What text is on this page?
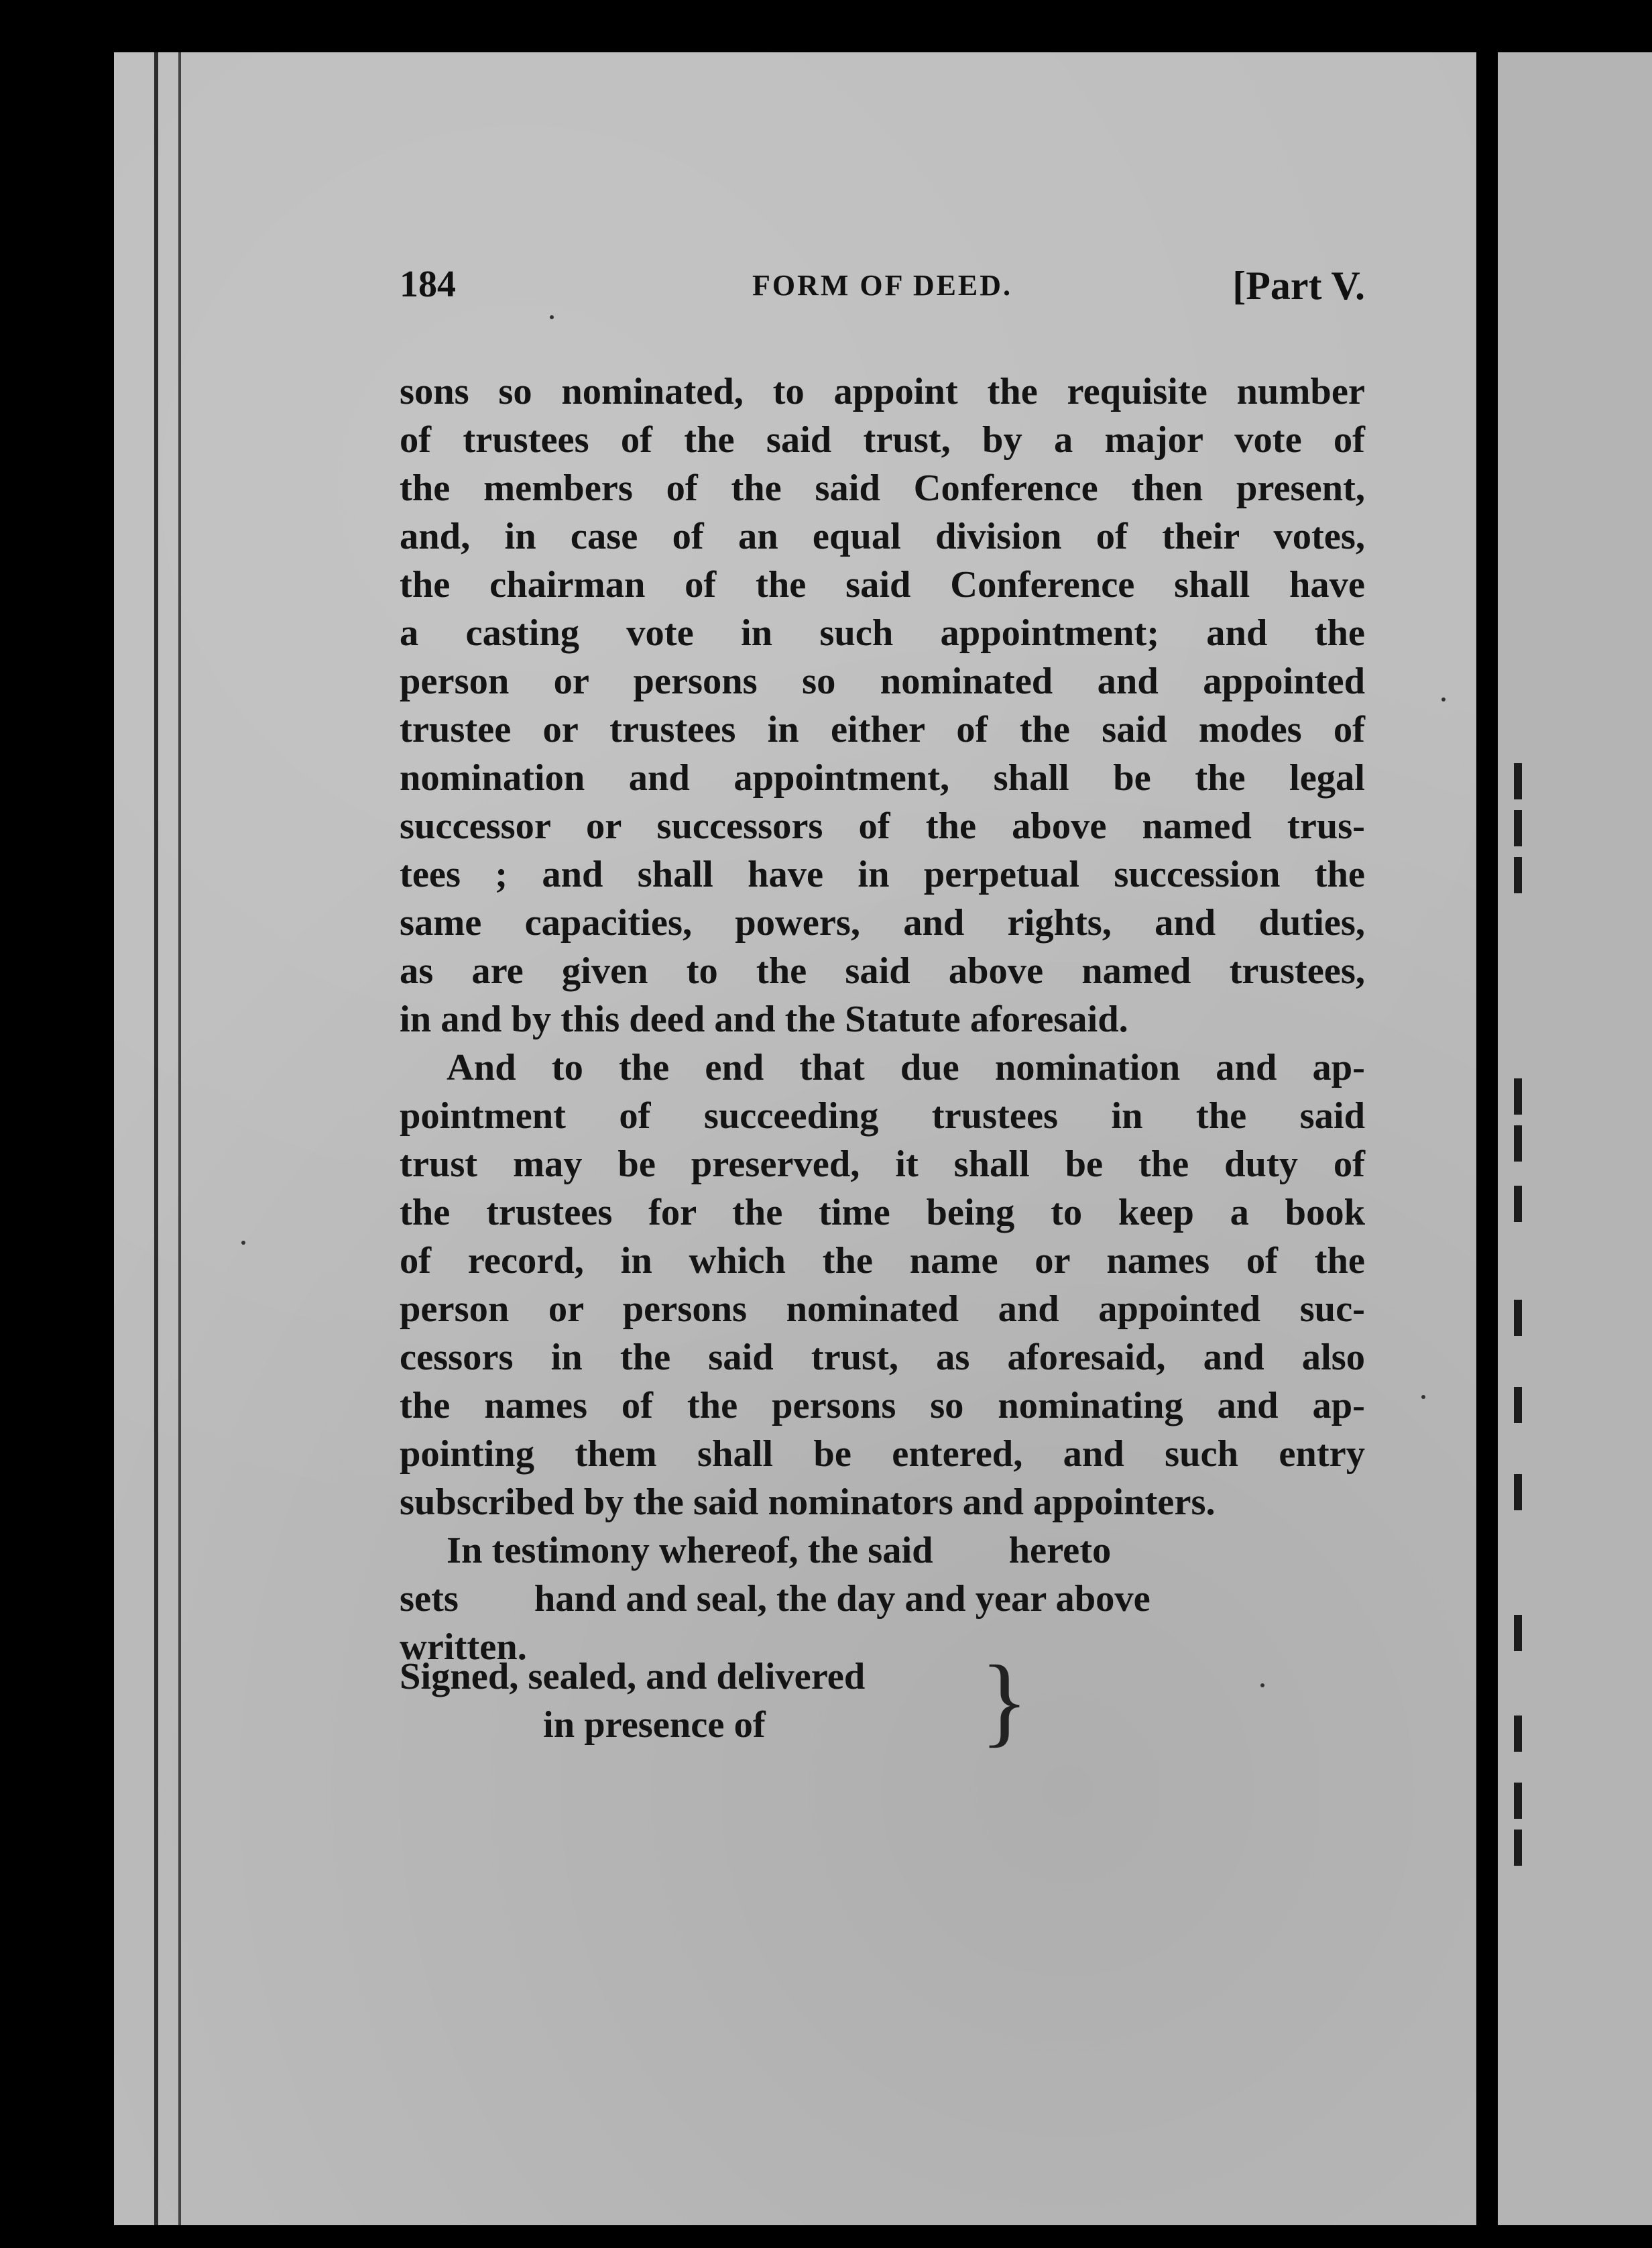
184	FORM OF DEED.	[Part V.
sons so nominated, to appoint the requisite number
of trustees of the said trust, by a major vote of
the members of the said Conference then present,
and, in case of an equal division of their votes,
the chairman of the said Conference shall have
a casting vote in such appointment; and the
person or persons so nominated and appointed
trustee or trustees in either of the said modes of
nomination and appointment, shall be the legal
successor or successors of the above named trus-
tees ; and shall have in perpetual succession the
same capacities, powers, and rights, and duties,
as are given to the said above named trustees,
in and by this deed and the Statute aforesaid.
And to the end that due nomination and ap-
pointment of succeeding trustees in the said
trust may be preserved, it shall be the duty of
the trustees for the time being to keep a book
of record, in which the name or names of the
person or persons nominated and appointed suc-
cessors in the said trust, as aforesaid, and also
the names of the persons so nominating and ap-
pointing them shall be entered, and such entry
subscribed by the said nominators and appointers.
In testimony whereof, the said        hereto
sets        hand and seal, the day and year above
written.
Signed, sealed, and delivered
in presence of	}
